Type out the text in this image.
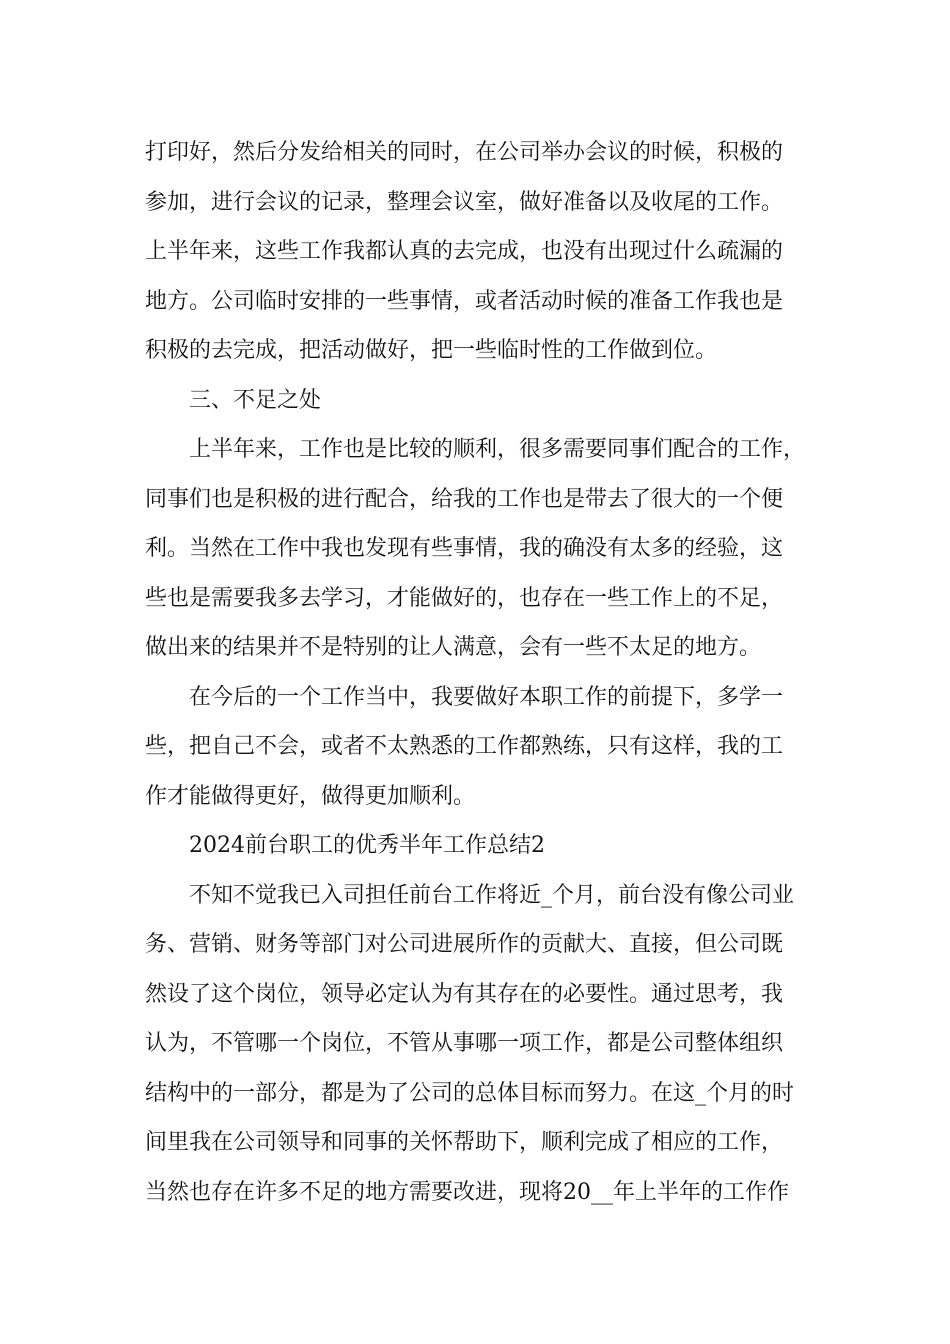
打印好，然后分发给相关的同时，在公司举办会议的时候，积极的
参加，进行会议的记录，整理会议室，做好准备以及收尾的工作。
上半年来，这些工作我都认真的去完成，也没有出现过什么疏漏的
地方。公司临时安排的一些事情，或者活动时候的准备工作我也是
积极的去完成，把活动做好，把一些临时性的工作做到位。
三、不足之处
上半年来，工作也是比较的顺利，很多需要同事们配合的工作，
同事们也是积极的进行配合，给我的工作也是带去了很大的一个便
利。当然在工作中我也发现有些事情，我的确没有太多的经验，这
些也是需要我多去学习，才能做好的，也存在一些工作上的不足，
做出来的结果并不是特别的让人满意，会有一些不太足的地方。
在今后的一个工作当中，我要做好本职工作的前提下，多学一
些，把自己不会，或者不太熟悉的工作都熟练，只有这样，我的工
作才能做得更好，做得更加顺利。
2024前台职工的优秀半年工作总结2
不知不觉我已入司担任前台工作将近_个月，前台没有像公司业
务、营销、财务等部门对公司进展所作的贡献大、直接，但公司既
然设了这个岗位，领导必定认为有其存在的必要性。通过思考，我
认为，不管哪一个岗位，不管从事哪一项工作，都是公司整体组织
结构中的一部分，都是为了公司的总体目标而努力。在这_个月的时
间里我在公司领导和同事的关怀帮助下，顺利完成了相应的工作，
当然也存在许多不足的地方需要改进，现将20__年上半年的工作作
